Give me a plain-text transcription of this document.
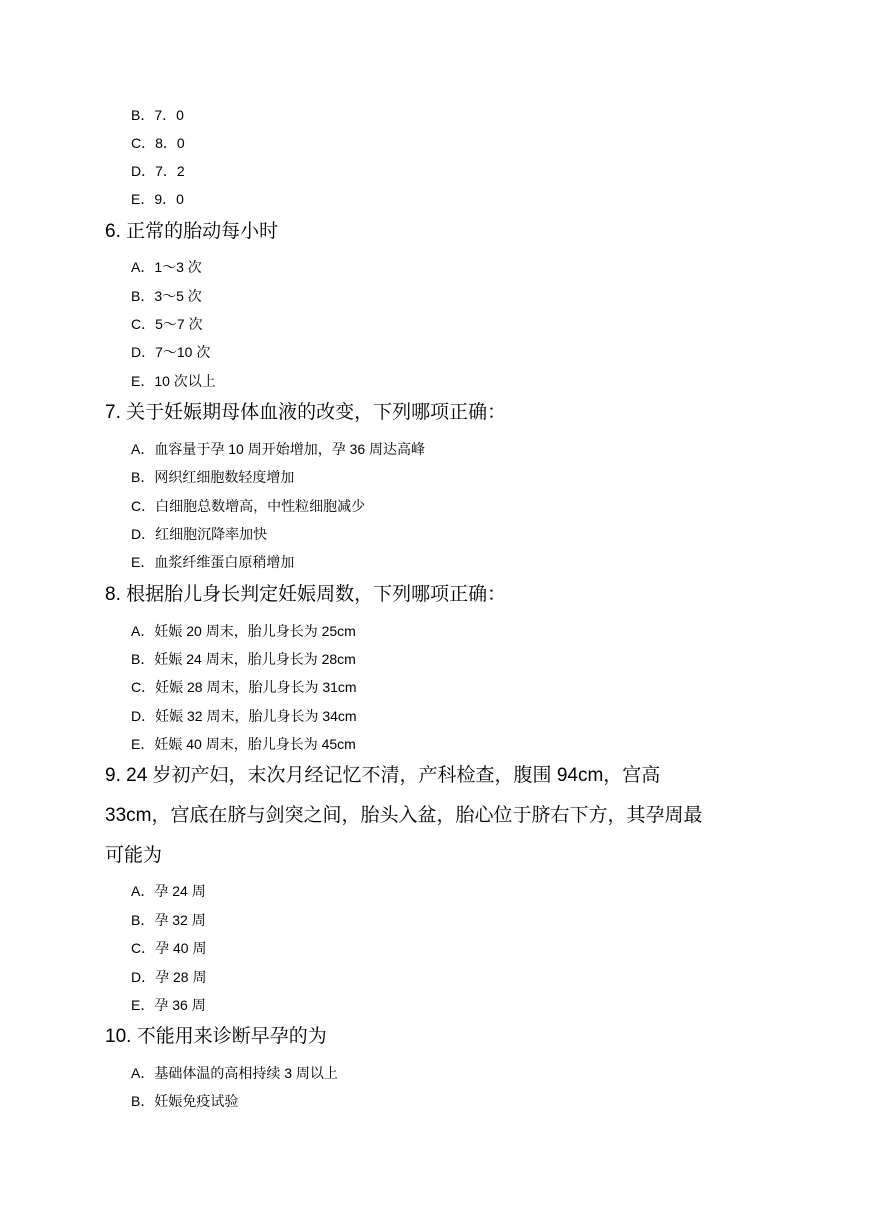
B．7．0
C．8．0
D．7．2
E．9．0
6. 正常的胎动每小时
A．1～3 次
B．3～5 次
C．5～7 次
D．7～10 次
E．10 次以上
7. 关于妊娠期母体血液的改变，下列哪项正确：
A．血容量于孕 10 周开始增加，孕 36 周达高峰
B．网织红细胞数轻度增加
C．白细胞总数增高，中性粒细胞减少
D．红细胞沉降率加快
E．血浆纤维蛋白原稍增加
8. 根据胎儿身长判定妊娠周数，下列哪项正确：
A．妊娠 20 周末，胎儿身长为 25cm
B．妊娠 24 周末，胎儿身长为 28cm
C．妊娠 28 周末，胎儿身长为 31cm
D．妊娠 32 周末，胎儿身长为 34cm
E．妊娠 40 周末，胎儿身长为 45cm
9. 24 岁初产妇，末次月经记忆不清，产科检查，腹围 94cm，宫高
33cm，宫底在脐与剑突之间，胎头入盆，胎心位于脐右下方，其孕周最
可能为
A．孕 24 周
B．孕 32 周
C．孕 40 周
D．孕 28 周
E．孕 36 周
10. 不能用来诊断早孕的为
A．基础体温的高相持续 3 周以上
B．妊娠免疫试验
